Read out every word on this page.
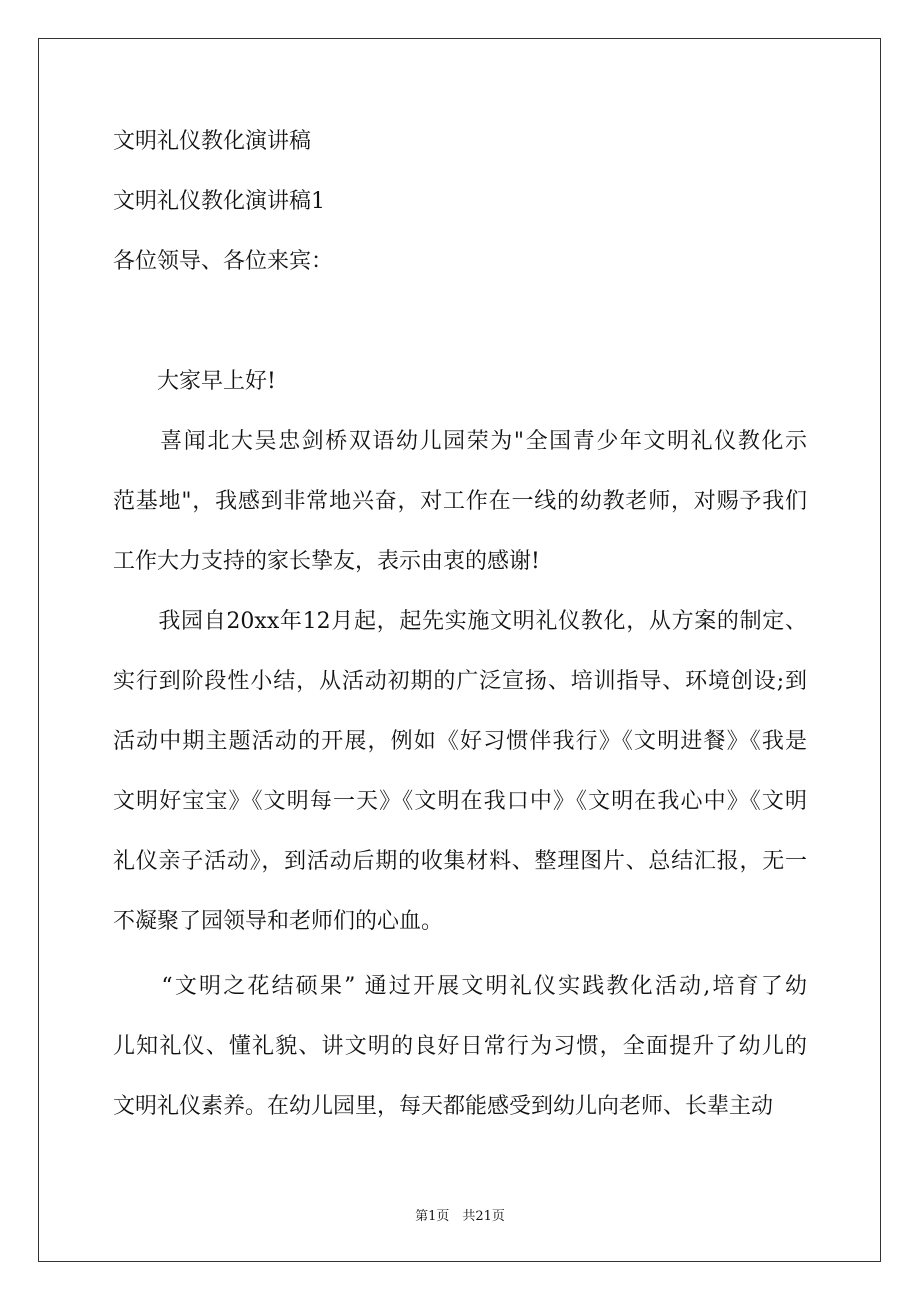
文明礼仪教化演讲稿
文明礼仪教化演讲稿1
各位领导、各位来宾：
　　大家早上好!
　　喜闻北大吴忠剑桥双语幼儿园荣为"全国青少年文明礼仪教化示
范基地"，我感到非常地兴奋，对工作在一线的幼教老师，对赐予我们
工作大力支持的家长挚友，表示由衷的感谢!
　　我园自20xx年12月起，起先实施文明礼仪教化，从方案的制定、
实行到阶段性小结，从活动初期的广泛宣扬、培训指导、环境创设;到
活动中期主题活动的开展，例如《好习惯伴我行》《文明进餐》《我是
文明好宝宝》《文明每一天》《文明在我口中》《文明在我心中》《文明
礼仪亲子活动》，到活动后期的收集材料、整理图片、总结汇报，无一
不凝聚了园领导和老师们的心血。
　　“文明之花结硕果” 通过开展文明礼仪实践教化活动,培育了幼
儿知礼仪、懂礼貌、讲文明的良好日常行为习惯，全面提升了幼儿的
文明礼仪素养。在幼儿园里，每天都能感受到幼儿向老师、长辈主动
第1页　共21页
